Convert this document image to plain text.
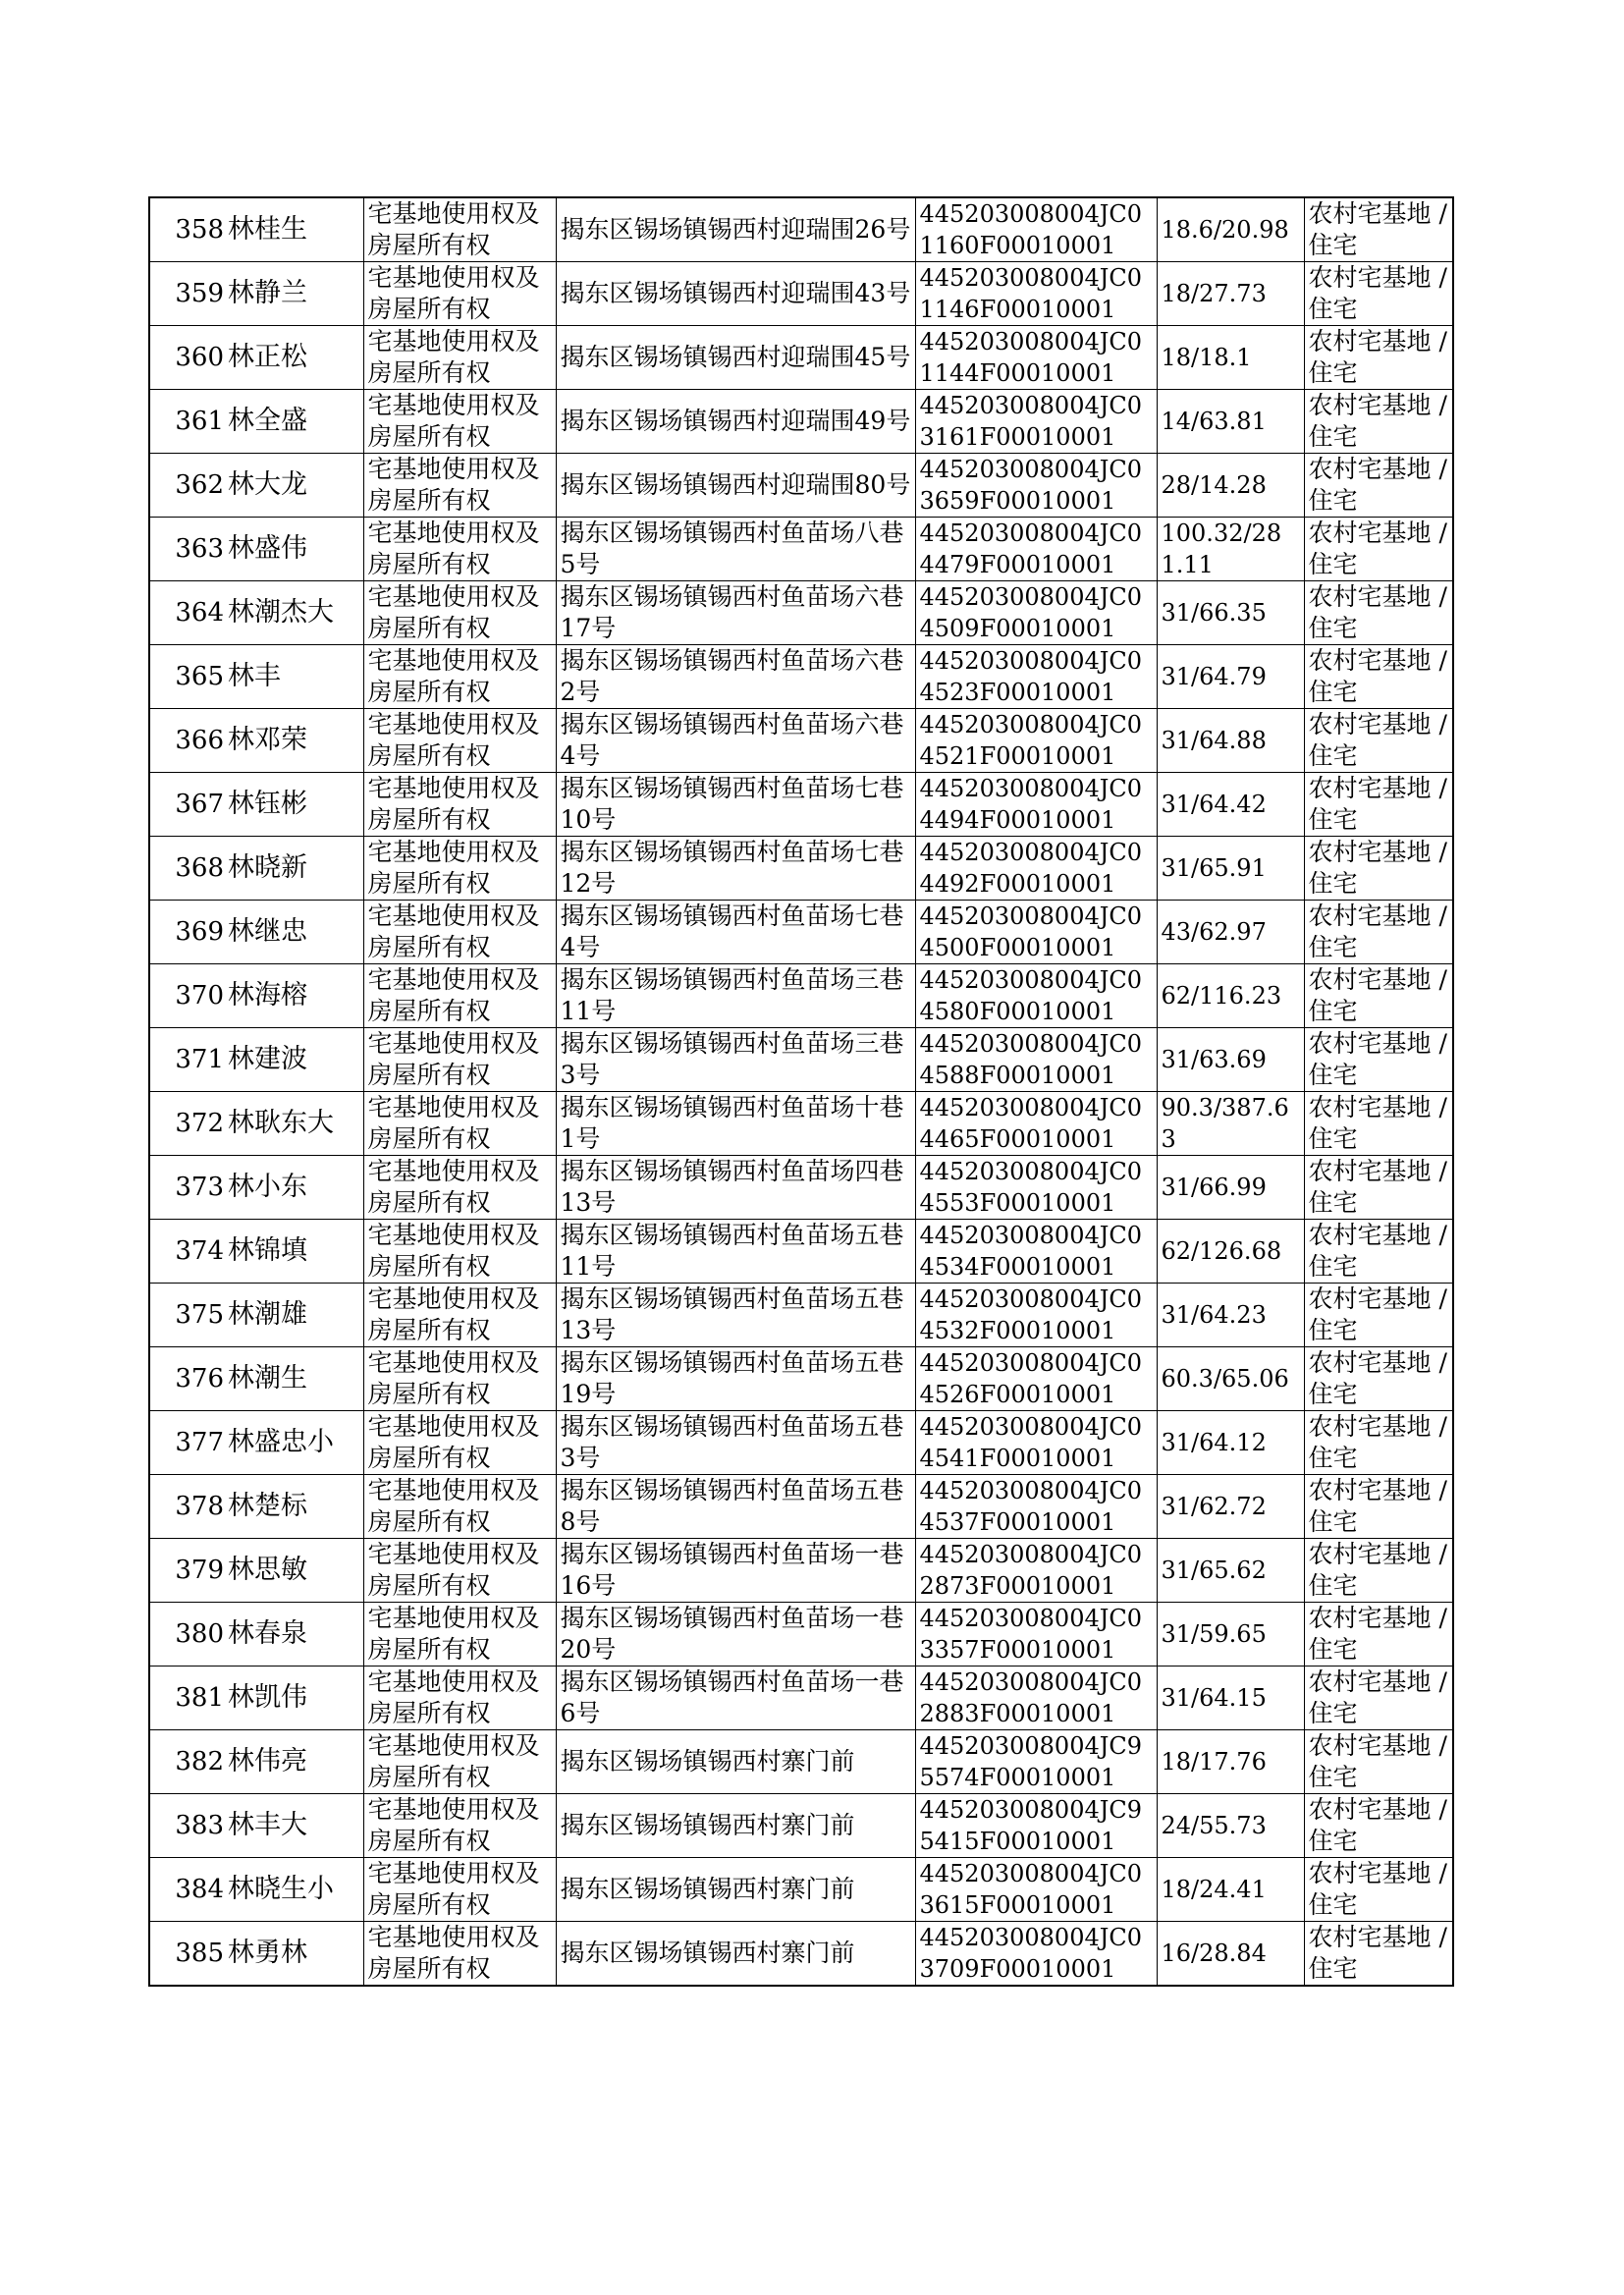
358	林桂生	宅基地使用权及房屋所有权	揭东区锡场镇锡西村迎瑞围26号	445203008004JC01160F00010001	18.6/20.98	农村宅基地 / 住宅
359	林静兰	宅基地使用权及房屋所有权	揭东区锡场镇锡西村迎瑞围43号	445203008004JC01146F00010001	18/27.73	农村宅基地 / 住宅
360	林正松	宅基地使用权及房屋所有权	揭东区锡场镇锡西村迎瑞围45号	445203008004JC01144F00010001	18/18.1	农村宅基地 / 住宅
361	林全盛	宅基地使用权及房屋所有权	揭东区锡场镇锡西村迎瑞围49号	445203008004JC03161F00010001	14/63.81	农村宅基地 / 住宅
362	林大龙	宅基地使用权及房屋所有权	揭东区锡场镇锡西村迎瑞围80号	445203008004JC03659F00010001	28/14.28	农村宅基地 / 住宅
363	林盛伟	宅基地使用权及房屋所有权	揭东区锡场镇锡西村鱼苗场八巷5号	445203008004JC04479F00010001	100.32/281.11	农村宅基地 / 住宅
364	林潮杰大	宅基地使用权及房屋所有权	揭东区锡场镇锡西村鱼苗场六巷17号	445203008004JC04509F00010001	31/66.35	农村宅基地 / 住宅
365	林丰	宅基地使用权及房屋所有权	揭东区锡场镇锡西村鱼苗场六巷2号	445203008004JC04523F00010001	31/64.79	农村宅基地 / 住宅
366	林邓荣	宅基地使用权及房屋所有权	揭东区锡场镇锡西村鱼苗场六巷4号	445203008004JC04521F00010001	31/64.88	农村宅基地 / 住宅
367	林钰彬	宅基地使用权及房屋所有权	揭东区锡场镇锡西村鱼苗场七巷10号	445203008004JC04494F00010001	31/64.42	农村宅基地 / 住宅
368	林晓新	宅基地使用权及房屋所有权	揭东区锡场镇锡西村鱼苗场七巷12号	445203008004JC04492F00010001	31/65.91	农村宅基地 / 住宅
369	林继忠	宅基地使用权及房屋所有权	揭东区锡场镇锡西村鱼苗场七巷4号	445203008004JC04500F00010001	43/62.97	农村宅基地 / 住宅
370	林海榕	宅基地使用权及房屋所有权	揭东区锡场镇锡西村鱼苗场三巷11号	445203008004JC04580F00010001	62/116.23	农村宅基地 / 住宅
371	林建波	宅基地使用权及房屋所有权	揭东区锡场镇锡西村鱼苗场三巷3号	445203008004JC04588F00010001	31/63.69	农村宅基地 / 住宅
372	林耿东大	宅基地使用权及房屋所有权	揭东区锡场镇锡西村鱼苗场十巷1号	445203008004JC04465F00010001	90.3/387.63	农村宅基地 / 住宅
373	林小东	宅基地使用权及房屋所有权	揭东区锡场镇锡西村鱼苗场四巷13号	445203008004JC04553F00010001	31/66.99	农村宅基地 / 住宅
374	林锦填	宅基地使用权及房屋所有权	揭东区锡场镇锡西村鱼苗场五巷11号	445203008004JC04534F00010001	62/126.68	农村宅基地 / 住宅
375	林潮雄	宅基地使用权及房屋所有权	揭东区锡场镇锡西村鱼苗场五巷13号	445203008004JC04532F00010001	31/64.23	农村宅基地 / 住宅
376	林潮生	宅基地使用权及房屋所有权	揭东区锡场镇锡西村鱼苗场五巷19号	445203008004JC04526F00010001	60.3/65.06	农村宅基地 / 住宅
377	林盛忠小	宅基地使用权及房屋所有权	揭东区锡场镇锡西村鱼苗场五巷3号	445203008004JC04541F00010001	31/64.12	农村宅基地 / 住宅
378	林楚标	宅基地使用权及房屋所有权	揭东区锡场镇锡西村鱼苗场五巷8号	445203008004JC04537F00010001	31/62.72	农村宅基地 / 住宅
379	林思敏	宅基地使用权及房屋所有权	揭东区锡场镇锡西村鱼苗场一巷16号	445203008004JC02873F00010001	31/65.62	农村宅基地 / 住宅
380	林春泉	宅基地使用权及房屋所有权	揭东区锡场镇锡西村鱼苗场一巷20号	445203008004JC03357F00010001	31/59.65	农村宅基地 / 住宅
381	林凯伟	宅基地使用权及房屋所有权	揭东区锡场镇锡西村鱼苗场一巷6号	445203008004JC02883F00010001	31/64.15	农村宅基地 / 住宅
382	林伟亮	宅基地使用权及房屋所有权	揭东区锡场镇锡西村寨门前	445203008004JC95574F00010001	18/17.76	农村宅基地 / 住宅
383	林丰大	宅基地使用权及房屋所有权	揭东区锡场镇锡西村寨门前	445203008004JC95415F00010001	24/55.73	农村宅基地 / 住宅
384	林晓生小	宅基地使用权及房屋所有权	揭东区锡场镇锡西村寨门前	445203008004JC03615F00010001	18/24.41	农村宅基地 / 住宅
385	林勇林	宅基地使用权及房屋所有权	揭东区锡场镇锡西村寨门前	445203008004JC03709F00010001	16/28.84	农村宅基地 / 住宅
